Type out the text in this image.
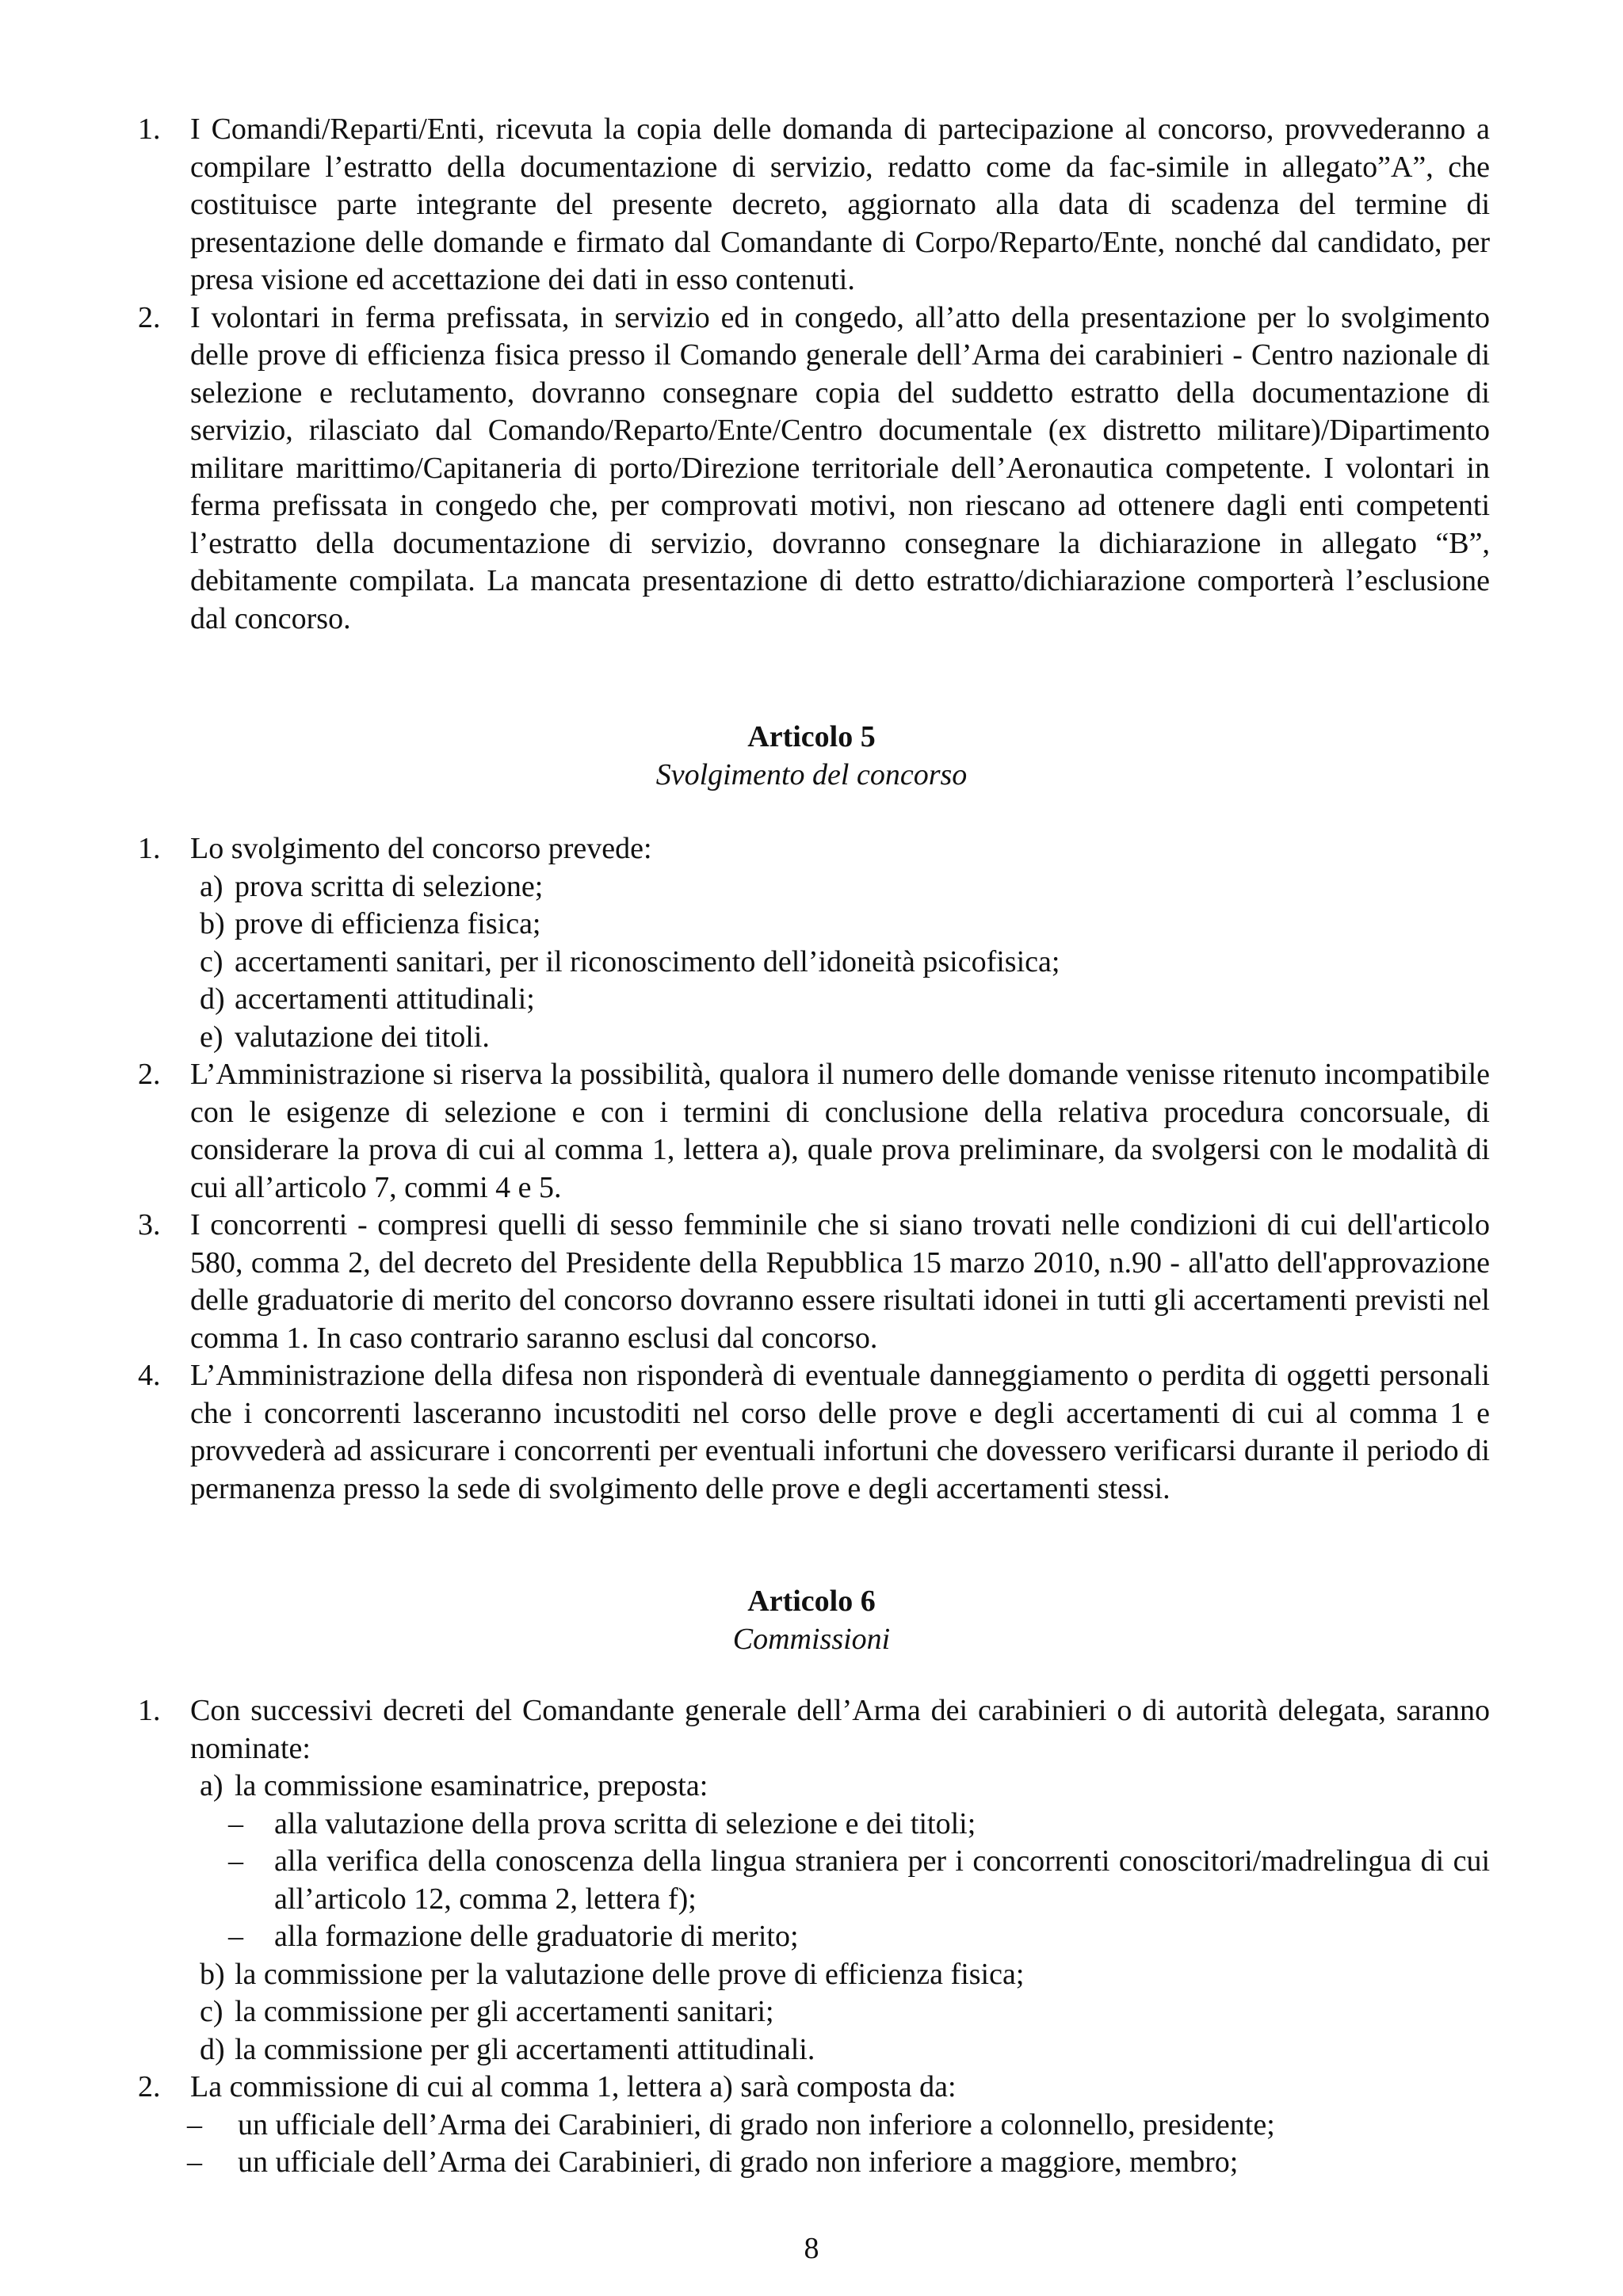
1. I Comandi/Reparti/Enti, ricevuta la copia delle domanda di partecipazione al concorso, provvederanno a compilare l’estratto della documentazione di servizio, redatto come da fac-simile in allegato”A”, che costituisce parte integrante del presente decreto, aggiornato alla data di scadenza del termine di presentazione delle domande e firmato dal Comandante di Corpo/Reparto/Ente, nonché dal candidato, per presa visione ed accettazione dei dati in esso contenuti.
2. I volontari in ferma prefissata, in servizio ed in congedo, all’atto della presentazione per lo svolgimento delle prove di efficienza fisica presso il Comando generale dell’Arma dei carabinieri - Centro nazionale di selezione e reclutamento, dovranno consegnare copia del suddetto estratto della documentazione di servizio, rilasciato dal Comando/Reparto/Ente/Centro documentale (ex distretto militare)/Dipartimento militare marittimo/Capitaneria di porto/Direzione territoriale dell’Aeronautica competente. I volontari in ferma prefissata in congedo che, per comprovati motivi, non riescano ad ottenere dagli enti competenti l’estratto della documentazione di servizio, dovranno consegnare la dichiarazione in allegato “B”, debitamente compilata. La mancata presentazione di detto estratto/dichiarazione comporterà l’esclusione dal concorso.
Articolo 5
Svolgimento del concorso
1. Lo svolgimento del concorso prevede:
a) prova scritta di selezione;
b) prove di efficienza fisica;
c) accertamenti sanitari, per il riconoscimento dell’idoneità psicofisica;
d) accertamenti attitudinali;
e) valutazione dei titoli.
2. L’Amministrazione si riserva la possibilità, qualora il numero delle domande venisse ritenuto incompatibile con le esigenze di selezione e con i termini di conclusione della relativa procedura concorsuale, di considerare la prova di cui al comma 1, lettera a), quale prova preliminare, da svolgersi con le modalità di cui all’articolo 7, commi 4 e 5.
3. I concorrenti - compresi quelli di sesso femminile che si siano trovati nelle condizioni di cui dell'articolo 580, comma 2, del decreto del Presidente della Repubblica 15 marzo 2010, n.90 - all'atto dell'approvazione delle graduatorie di merito del concorso dovranno essere risultati idonei in tutti gli accertamenti previsti nel comma 1. In caso contrario saranno esclusi dal concorso.
4. L’Amministrazione della difesa non risponderà di eventuale danneggiamento o perdita di oggetti personali che i concorrenti lasceranno incustoditi nel corso delle prove e degli accertamenti di cui al comma 1 e provvederà ad assicurare i concorrenti per eventuali infortuni che dovessero verificarsi durante il periodo di permanenza presso la sede di svolgimento delle prove e degli accertamenti stessi.
Articolo 6
Commissioni
1. Con successivi decreti del Comandante generale dell’Arma dei carabinieri o di autorità delegata, saranno nominate:
a) la commissione esaminatrice, preposta:
– alla valutazione della prova scritta di selezione e dei titoli;
– alla verifica della conoscenza della lingua straniera per i concorrenti conoscitori/madrelingua di cui all’articolo 12, comma 2, lettera f);
– alla formazione delle graduatorie di merito;
b) la commissione per la valutazione delle prove di efficienza fisica;
c) la commissione per gli accertamenti sanitari;
d) la commissione per gli accertamenti attitudinali.
2. La commissione di cui al comma 1, lettera a) sarà composta da:
– un ufficiale dell’Arma dei Carabinieri, di grado non inferiore a colonnello, presidente;
– un ufficiale dell’Arma dei Carabinieri, di grado non inferiore a maggiore, membro;
8
